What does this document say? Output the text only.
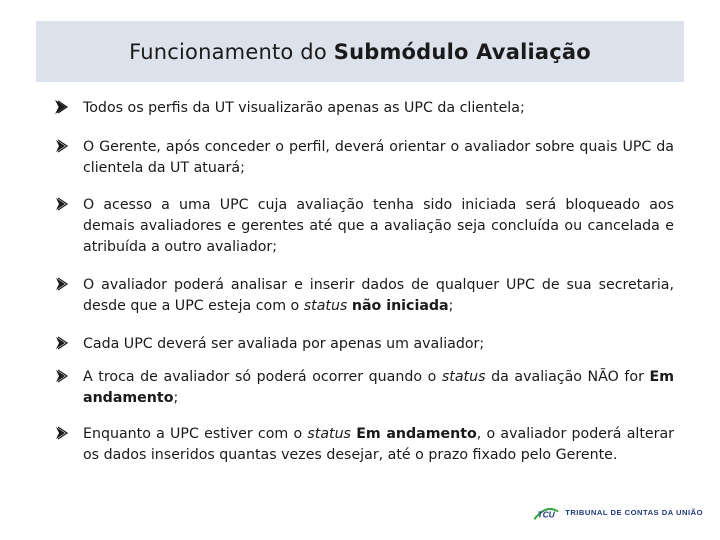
Funcionamento do Submódulo Avaliação
Todos os perfis da UT visualizarão apenas as UPC da clientela;
O Gerente, após conceder o perfil, deverá orientar o avaliador sobre quais UPC da clientela da UT atuará;
O acesso a uma UPC cuja avaliação tenha sido iniciada será bloqueado aos demais avaliadores e gerentes até que a avaliação seja concluída ou cancelada e atribuída a outro avaliador;
O avaliador poderá analisar e inserir dados de qualquer UPC de sua secretaria, desde que a UPC esteja com o status não iniciada;
Cada UPC deverá ser avaliada por apenas um avaliador;
A troca de avaliador só poderá ocorrer quando o status da avaliação NÃO for Em andamento;
Enquanto a UPC estiver com o status Em andamento, o avaliador poderá alterar os dados inseridos quantas vezes desejar, até o prazo fixado pelo Gerente.
TCU TRIBUNAL DE CONTAS DA UNIÃO
